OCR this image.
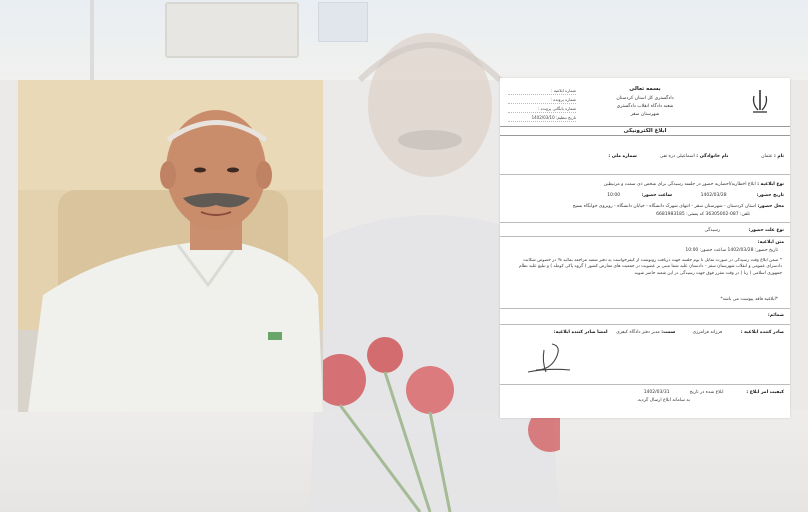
بسمه تعالی
دادگستری کل استان کردستان
شعبه دادگاه انقلاب دادگستری
شهرستان سقز
شماره ابلاغیه :
شماره پرونده :
شماره بایگانی پرونده :
تاریخ تنظیم: 1402/03/10
ابلاغ الکترونیکی
نام : عثمان                       نام خانوادگی : اسماعیلی دره تفی                شماره ملی :
نوع ابلاغیه : ابلاغ اخطاریه/احضاریه حضور در جلسه رسیدگی برای شخص ذی سمت و مرتبطین
تاریخ حضور:                     1402/03/28                    ساعت حضور:               10:00
محل حضور: استان کردستان - شهرستان سقز - انتهای شهرک دانشگاه - خیابان دانشگاه - روبروی خوابگاه بسیج
تلفن: 087-36305002 کد پستی: 6681983185
نوع علت حضور:                    رسیدگی
متن ابلاغیه:
تاریخ حضور: 1402/03/28 ساعت حضور: 10:00
* ضمن ابلاغ وقت رسیدگی در صورت تمایل تا یوم جلسه جهت دریافت رونوشت از کیفرخواست به دفتر شعبه مراجعه نمائید % در خصوص شکایت دادسرای عمومی و انقلاب شهرستان سقز - دادستان علیه شما مبنی بر عضویت در جمعیت های معارض کشور ( گروه پاکی کومله ) و تبلیغ علیه نظام جمهوری اسلامی ( زنا ) در وقت مقرر فوق جهت رسیدگی در این شعبه حاضر شوید.
*ابلاغیه فاقد پیوست می باشد*
ضمائم:
صادر کننده ابلاغیه :             فرزانه فرامرزی            سمت: مدیر دفتر دادگاه کیفری      امضا صادر کننده ابلاغیه:
کیفیت امر ابلاغ :                ابلاغ شده در تاریخ              1402/03/31
به سامانه ابلاغ ارسال گردید.
